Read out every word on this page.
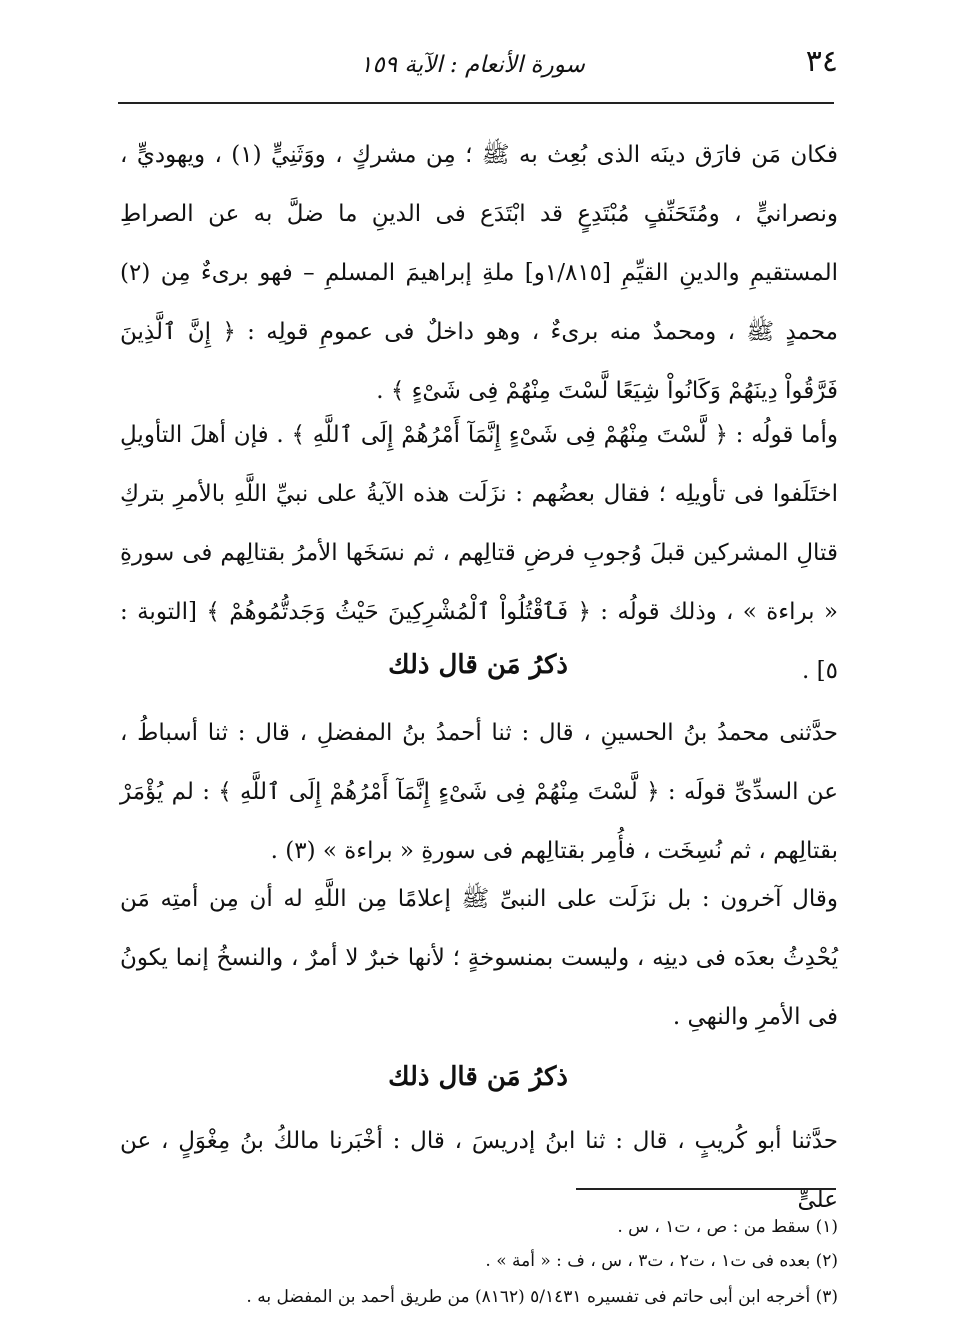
٣٤
سورة الأنعام : الآية ١٥٩
فكان مَن فارَق دينَه الذى بُعِث به ﷺ ؛ مِن مشركٍ ، ووَثَنِيٍّ (١) ، ويهوديٍّ ، ونصرانيٍّ ، ومُتَحَنِّفٍ مُبْتَدِعٍ قد ابْتَدَع فى الدينِ ما ضلَّ به عن الصراطِ المستقيمِ والدينِ القيِّمِ [١/٨١٥و] ملةِ إبراهيمَ المسلمِ – فهو برىءٌ مِن (٢) محمدٍ ﷺ ، ومحمدٌ منه برىءٌ ، وهو داخلٌ فى عمومِ قولِه : ﴿ إِنَّ ٱلَّذِينَ فَرَّقُواْ دِينَهُمْ وَكَانُواْ شِيَعًا لَّسْتَ مِنْهُمْ فِى شَىْءٍ ﴾ .
وأما قولُه : ﴿ لَّسْتَ مِنْهُمْ فِى شَىْءٍ إِنَّمَآ أَمْرُهُمْ إِلَى ٱللَّهِ ﴾ . فإن أهلَ التأويلِ اختَلَفوا فى تأويلِه ؛ فقال بعضُهم : نزَلَت هذه الآيةُ على نبيِّ اللَّهِ بالأمرِ بتركِ قتالِ المشركين قبلَ وُجوبِ فرضِ قتالِهم ، ثم نسَخَها الأمرُ بقتالِهم فى سورةِ « براءة » ، وذلك قولُه : ﴿ فَٱقْتُلُواْ ٱلْمُشْرِكِينَ حَيْثُ وَجَدتُّمُوهُمْ ﴾ [التوبة : ٥] .
ذكرُ مَن قال ذلك
حدَّثنى محمدُ بنُ الحسينِ ، قال : ثنا أحمدُ بنُ المفضلِ ، قال : ثنا أسباطُ ، عن السدِّىِّ قولَه : ﴿ لَّسْتَ مِنْهُمْ فِى شَىْءٍ إِنَّمَآ أَمْرُهُمْ إِلَى ٱللَّهِ ﴾ : لم يُؤْمَرْ بقتالِهم ، ثم نُسِخَت ، فأُمِر بقتالِهم فى سورةِ « براءة » (٣) .
وقال آخرون : بل نزَلَت على النبىِّ ﷺ إعلامًا مِن اللَّهِ له أن مِن أمتِه مَن يُحْدِثُ بعدَه فى دينِه ، وليست بمنسوخةٍ ؛ لأنها خبرٌ لا أمرٌ ، والنسخُ إنما يكونُ فى الأمرِ والنهىِ .
ذكرُ مَن قال ذلك
حدَّثنا أبو كُريبٍ ، قال : ثنا ابنُ إدريسَ ، قال : أخْبَرنا مالكُ بنُ مِغْوَلٍ ، عن علىٍّ
(١) سقط من : ص ، ت١ ، س .
(٢) بعده فى ت١ ، ت٢ ، ت٣ ، س ، ف : « أمة » .
(٣) أخرجه ابن أبى حاتم فى تفسيره ٥/١٤٣١ (٨١٦٢) من طريق أحمد بن المفضل به .
